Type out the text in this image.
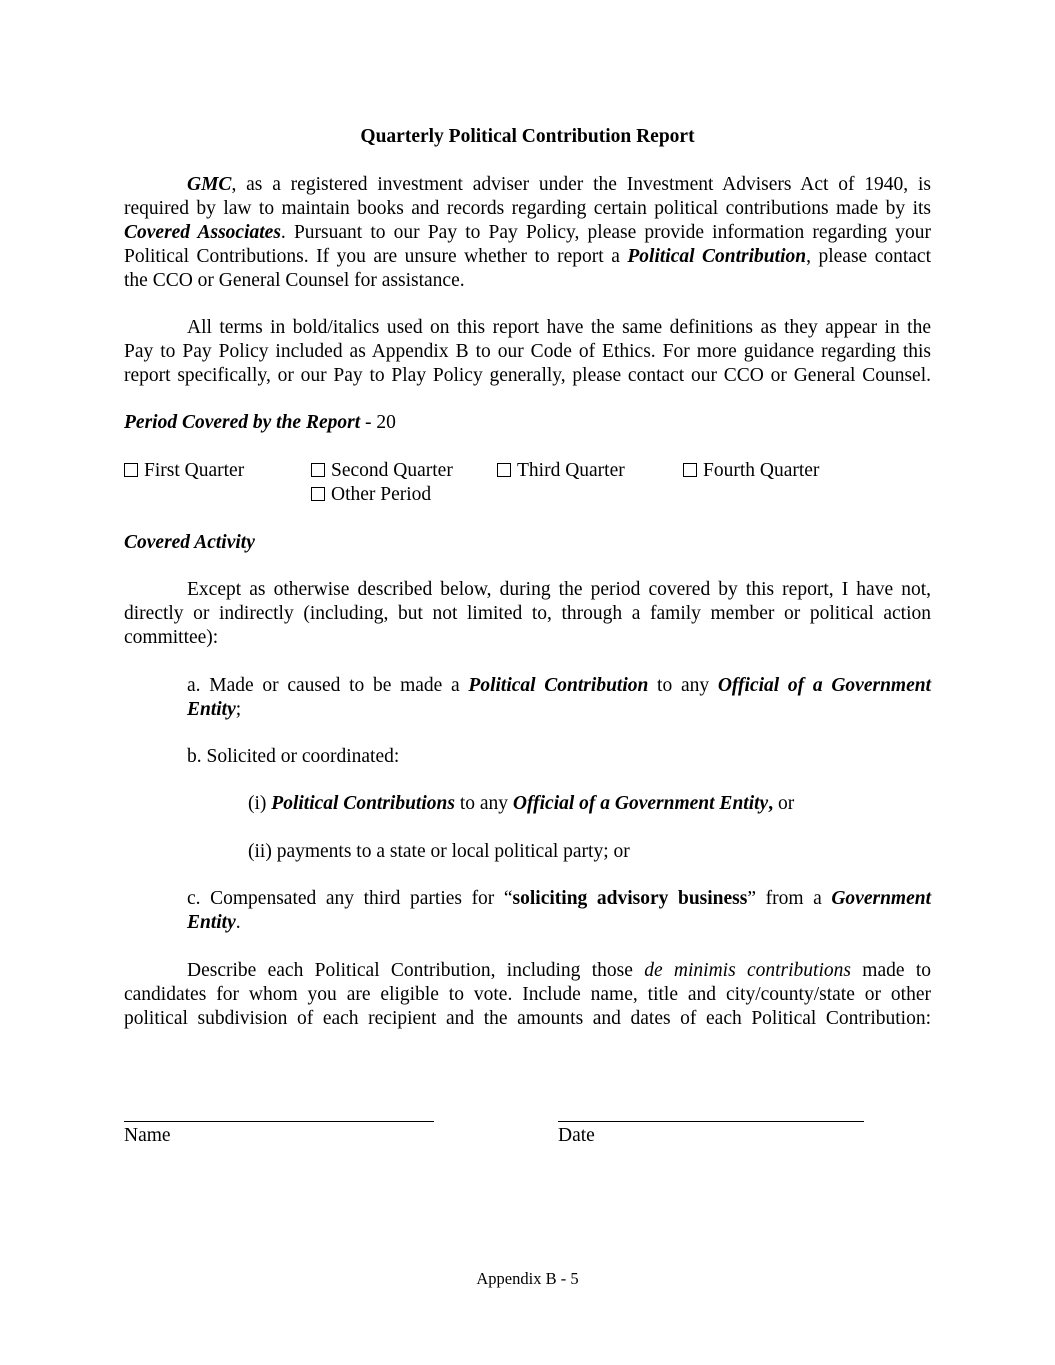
Quarterly Political Contribution Report
GMC, as a registered investment adviser under the Investment Advisers Act of 1940, is
required by law to maintain books and records regarding certain political contributions made by its
Covered Associates. Pursuant to our Pay to Pay Policy, please provide information regarding your
Political Contributions. If you are unsure whether to report a Political Contribution, please contact
the CCO or General Counsel for assistance.
All terms in bold/italics used on this report have the same definitions as they appear in the
Pay to Pay Policy included as Appendix B to our Code of Ethics. For more guidance regarding this
report specifically, or our Pay to Play Policy generally, please contact our CCO or General Counsel.
Period Covered by the Report - 20
First Quarter	Second Quarter	Third Quarter	Fourth Quarter
Other Period
Covered Activity
Except as otherwise described below, during the period covered by this report, I have not,
directly or indirectly (including, but not limited to, through a family member or political action
committee):
a. Made or caused to be made a Political Contribution to any Official of a Government
Entity;
b. Solicited or coordinated:
(i) Political Contributions to any Official of a Government Entity, or
(ii) payments to a state or local political party; or
c. Compensated any third parties for “soliciting advisory business” from a Government
Entity.
Describe each Political Contribution, including those de minimis contributions made to
candidates for whom you are eligible to vote. Include name, title and city/county/state or other
political subdivision of each recipient and the amounts and dates of each Political Contribution:
Name	Date
Appendix B - 5
